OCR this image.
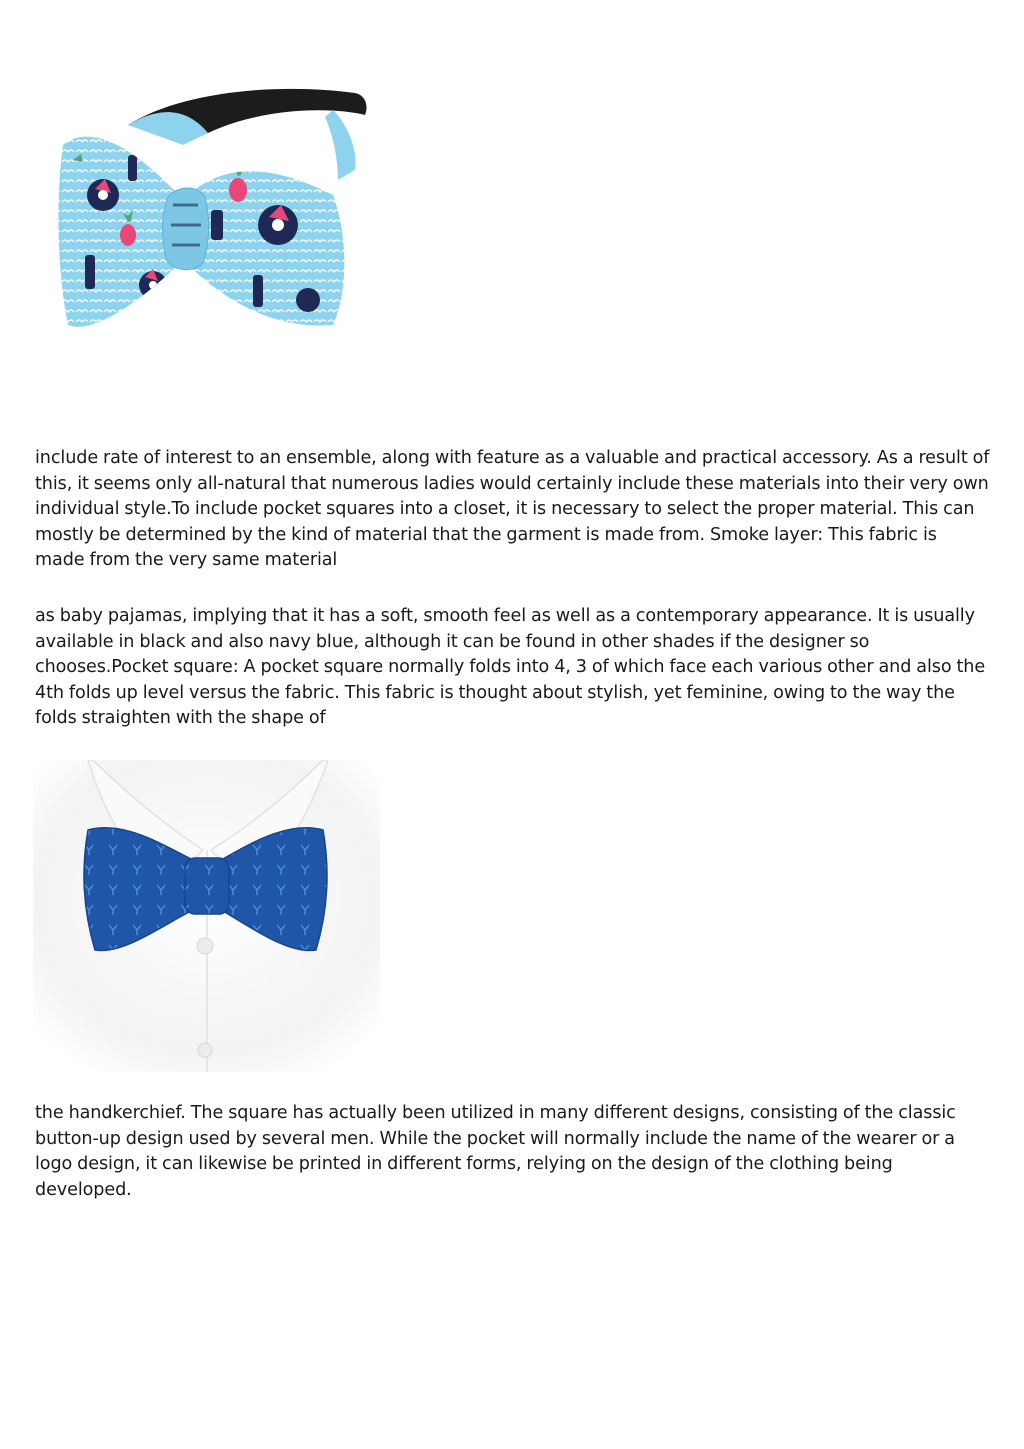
include rate of interest to an ensemble, along with feature as a valuable and practical accessory. As a result of this, it seems only all-natural that numerous ladies would certainly include these materials into their very own individual style.To include pocket squares into a closet, it is necessary to select the proper material. This can mostly be determined by the kind of material that the garment is made from. Smoke layer: This fabric is made from the very same material

as baby pajamas, implying that it has a soft, smooth feel as well as a contemporary appearance. It is usually available in black and also navy blue, although it can be found in other shades if the designer so chooses.Pocket square: A pocket square normally folds into 4, 3 of which face each various other and also the 4th folds up level versus the fabric. This fabric is thought about stylish, yet feminine, owing to the way the folds straighten with the shape of

the handkerchief. The square has actually been utilized in many different designs, consisting of the classic button-up design used by several men. While the pocket will normally include the name of the wearer or a logo design, it can likewise be printed in different forms, relying on the design of the clothing being developed.
